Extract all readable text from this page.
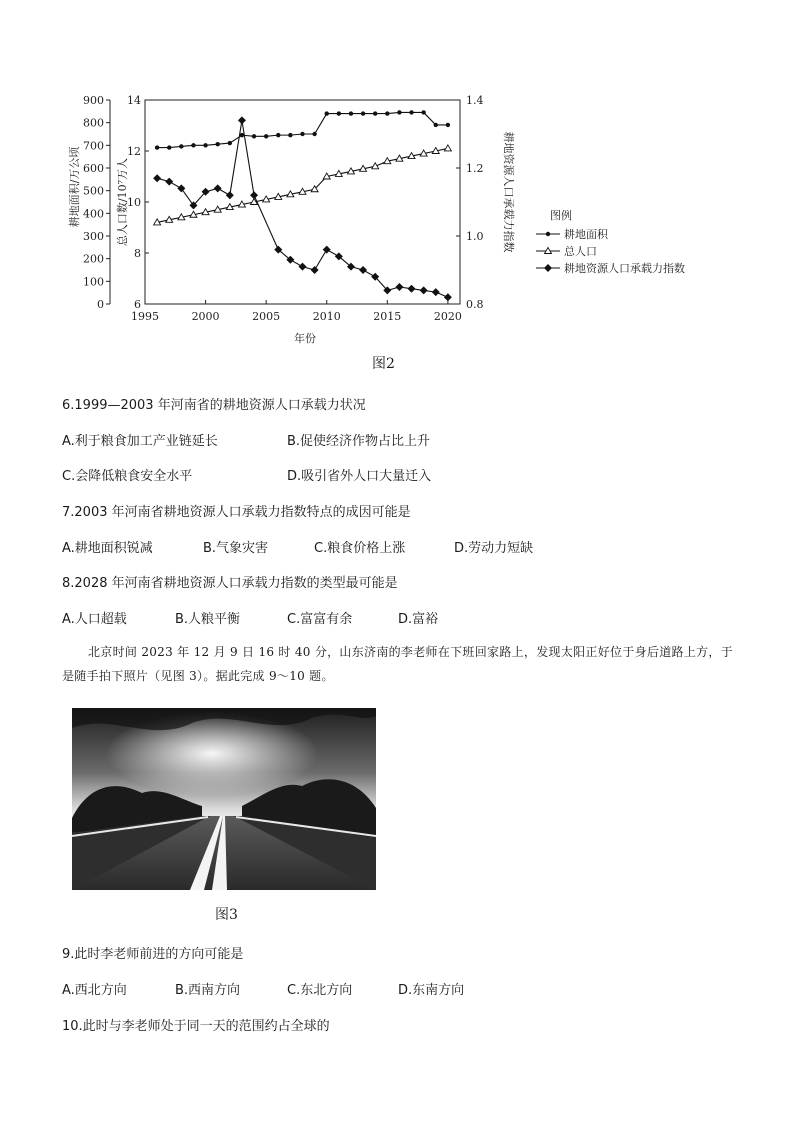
0
100
200
300
400
500
600
700
800
900
6
8
10
12
14
0.8
1.0
1.2
1.4
1995	2000	2005	2010	2015	2020
耕地面积/万公顷	总人口数/10⁷万人	耕地资源人口承载力指数
年份
图例
耕地面积
总人口
耕地资源人口承载力指数
图2
6.1999—2003 年河南省的耕地资源人口承载力状况
A.利于粮食加工产业链延长	B.促使经济作物占比上升
C.会降低粮食安全水平	D.吸引省外人口大量迁入
7.2003 年河南省耕地资源人口承载力指数特点的成因可能是
A.耕地面积锐减	B.气象灾害	C.粮食价格上涨	D.劳动力短缺
8.2028 年河南省耕地资源人口承载力指数的类型最可能是
A.人口超载	B.人粮平衡	C.富富有余	D.富裕
北京时间 2023 年 12 月 9 日 16 时 40 分，山东济南的李老师在下班回家路上，发现太阳正好位于身后道路上方，于是随手拍下照片（见图 3）。据此完成 9～10 题。
图3
9.此时李老师前进的方向可能是
A.西北方向	B.西南方向	C.东北方向	D.东南方向
10.此时与李老师处于同一天的范围约占全球的
